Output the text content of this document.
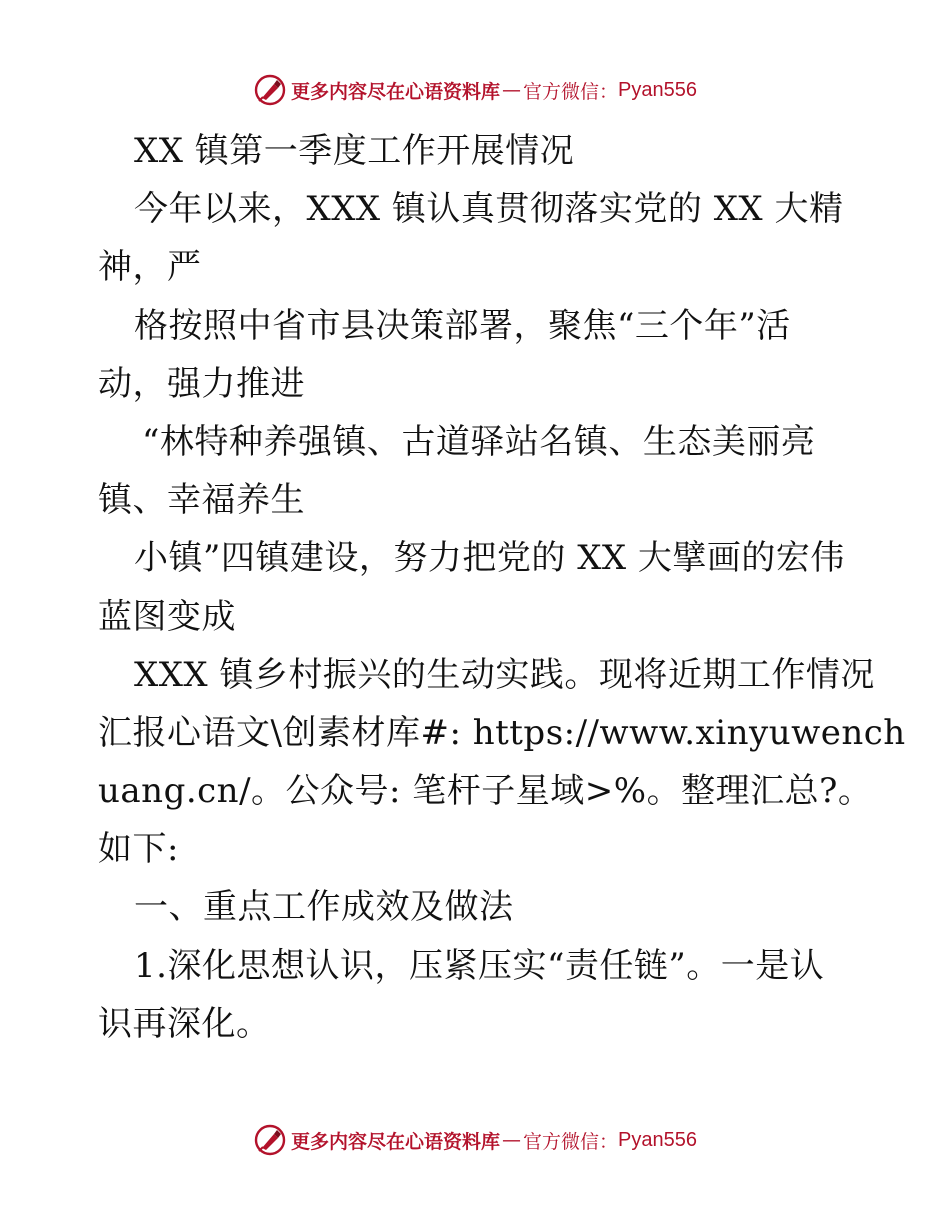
更多内容尽在心语资料库 — 官方微信： Pyan556
XX 镇第一季度工作开展情况
今年以来，XXX 镇认真贯彻落实党的 XX 大精
神，严
格按照中省市县决策部署，聚焦“三个年”活
动，强力推进
“林特种养强镇、古道驿站名镇、生态美丽亮
镇、幸福养生
小镇”四镇建设，努力把党的 XX 大擘画的宏伟
蓝图变成
XXX 镇乡村振兴的生动实践。现将近期工作情况
汇报心语文\创素材库#: https://www.xinyuwench
uang.cn/。公众号: 笔杆子星域>%。整理汇总?。
如下:
一、重点工作成效及做法
1.深化思想认识，压紧压实“责任链”。一是认
识再深化。
更多内容尽在心语资料库 — 官方微信： Pyan556
